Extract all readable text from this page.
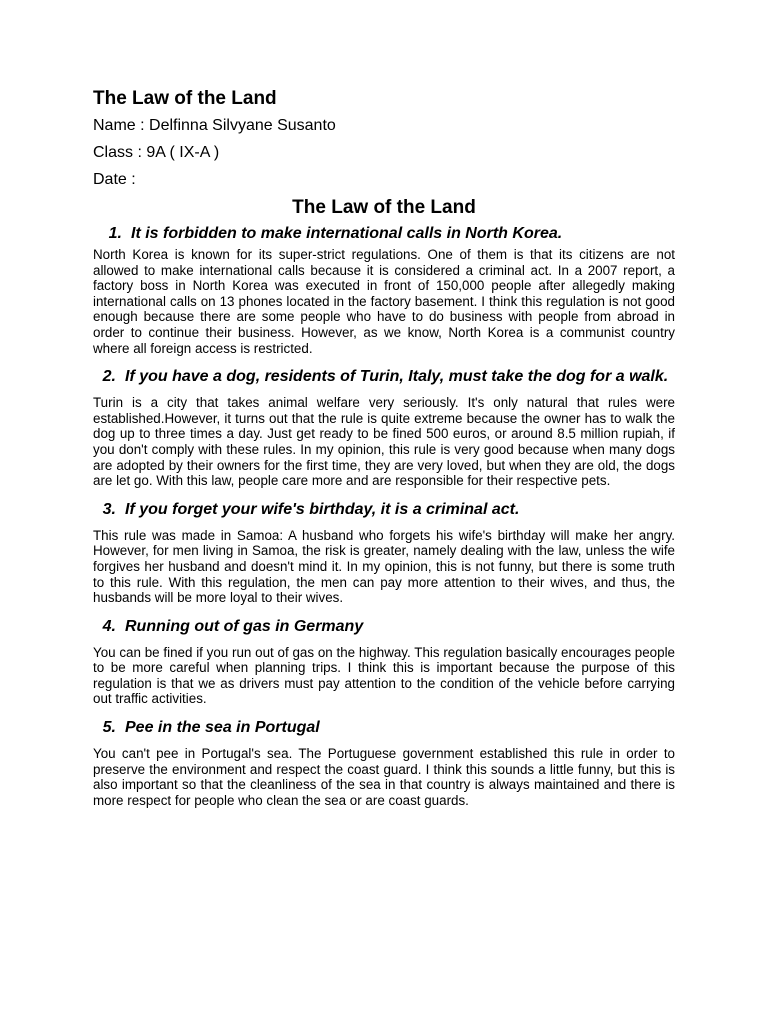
The Law of the Land

Name : Delfinna Silvyane Susanto

Class : 9A ( IX-A )

Date :

The Law of the Land

1. It is forbidden to make international calls in North Korea.

North Korea is known for its super-strict regulations. One of them is that its citizens are not allowed to make international calls because it is considered a criminal act. In a 2007 report, a factory boss in North Korea was executed in front of 150,000 people after allegedly making international calls on 13 phones located in the factory basement. I think this regulation is not good enough because there are some people who have to do business with people from abroad in order to continue their business. However, as we know, North Korea is a communist country where all foreign access is restricted.

2. If you have a dog, residents of Turin, Italy, must take the dog for a walk.

Turin is a city that takes animal welfare very seriously. It's only natural that rules were established.However, it turns out that the rule is quite extreme because the owner has to walk the dog up to three times a day. Just get ready to be fined 500 euros, or around 8.5 million rupiah, if you don't comply with these rules. In my opinion, this rule is very good because when many dogs are adopted by their owners for the first time, they are very loved, but when they are old, the dogs are let go. With this law, people care more and are responsible for their respective pets.

3. If you forget your wife's birthday, it is a criminal act.

This rule was made in Samoa: A husband who forgets his wife's birthday will make her angry. However, for men living in Samoa, the risk is greater, namely dealing with the law, unless the wife forgives her husband and doesn't mind it. In my opinion, this is not funny, but there is some truth to this rule. With this regulation, the men can pay more attention to their wives, and thus, the husbands will be more loyal to their wives.

4. Running out of gas in Germany

You can be fined if you run out of gas on the highway. This regulation basically encourages people to be more careful when planning trips. I think this is important because the purpose of this regulation is that we as drivers must pay attention to the condition of the vehicle before carrying out traffic activities.

5. Pee in the sea in Portugal

You can't pee in Portugal's sea. The Portuguese government established this rule in order to preserve the environment and respect the coast guard. I think this sounds a little funny, but this is also important so that the cleanliness of the sea in that country is always maintained and there is more respect for people who clean the sea or are coast guards.
